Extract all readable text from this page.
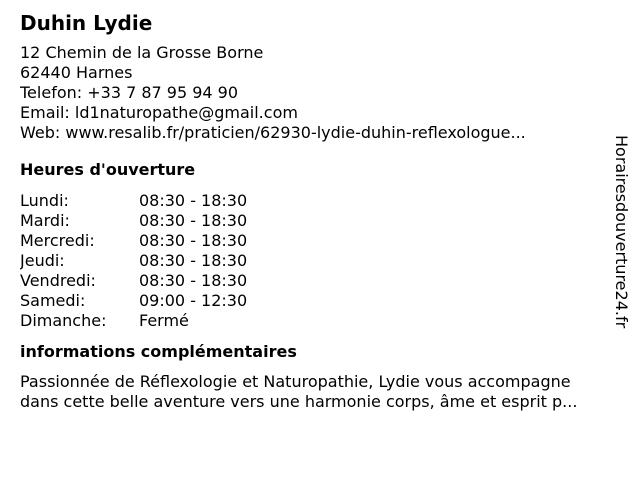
Duhin Lydie
12 Chemin de la Grosse Borne
62440 Harnes
Telefon: +33 7 87 95 94 90
Email: ld1naturopathe@gmail.com
Web: www.resalib.fr/praticien/62930-lydie-duhin-reflexologue...
Heures d'ouverture
Lundi:	08:30 - 18:30
Mardi:	08:30 - 18:30
Mercredi:	08:30 - 18:30
Jeudi:	08:30 - 18:30
Vendredi:	08:30 - 18:30
Samedi:	09:00 - 12:30
Dimanche:	Fermé
informations complémentaires
Passionnée de Réflexologie et Naturopathie, Lydie vous accompagne
dans cette belle aventure vers une harmonie corps, âme et esprit p...
Horairesdouverture24.fr
